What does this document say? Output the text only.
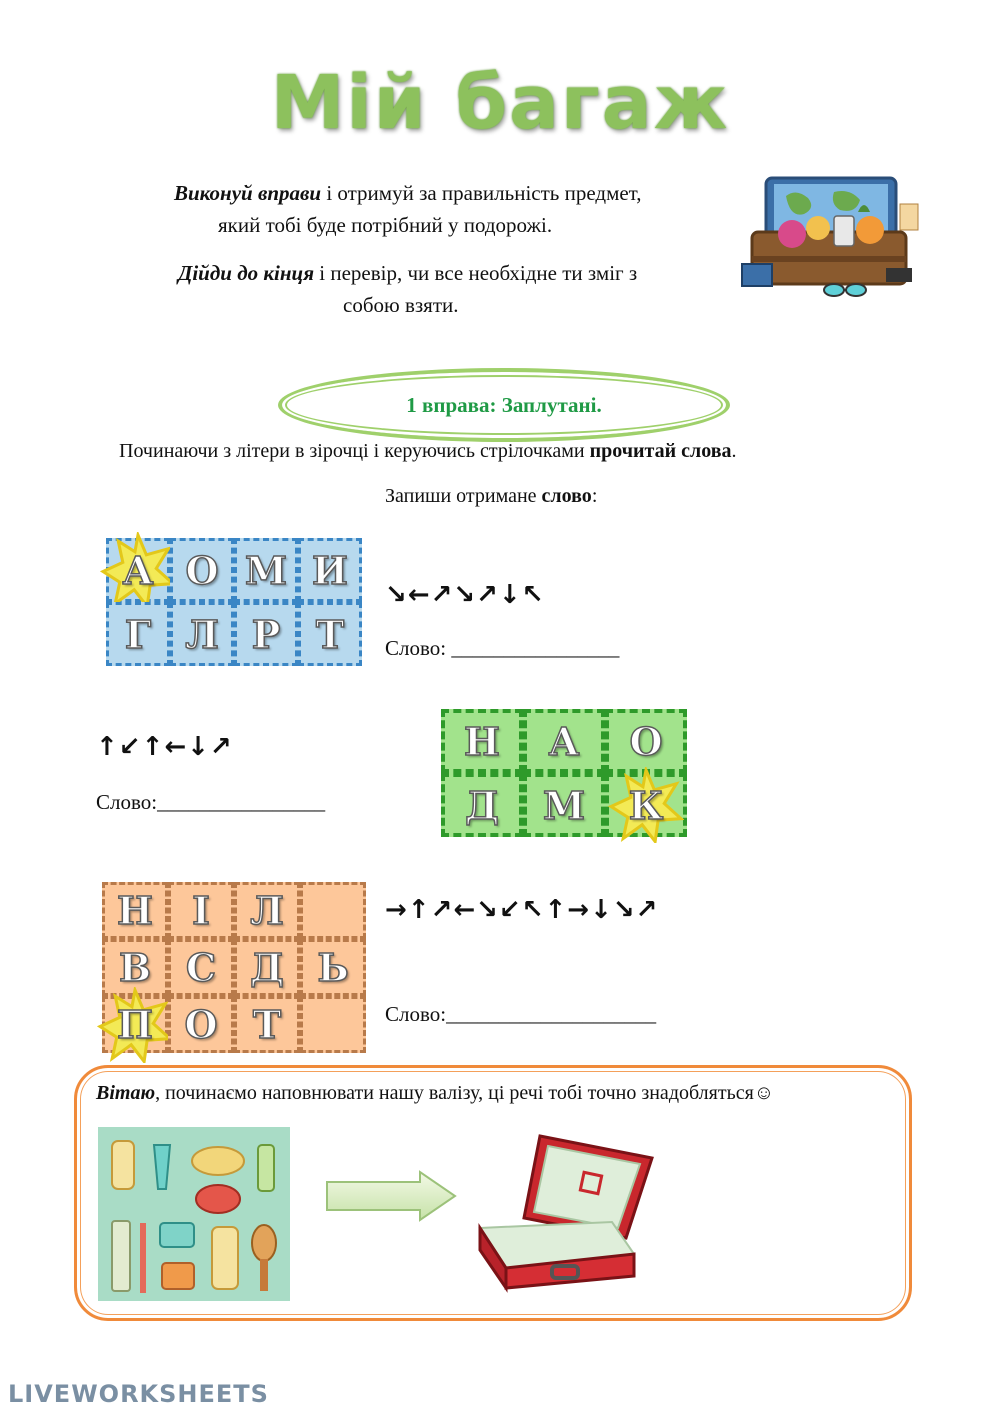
Мій багаж
Виконуй вправи і отримуй за правильність предмет,
який тобі буде потрібний у подорожі.
Дійди до кінця і перевір, чи все необхідне ти зміг з
собою взяти.
1 вправа: Заплутані.
Починаючи з літери в зірочці і керуючись стрілочками прочитай слова.
Запиши отримане слово:
А О М И
Г Л Р Т
↘←↗↘↗↓↖
Слово: ________________
↑↙↑←↓↗
Слово:________________
Н	А	О
Д	М	К
Н	І	Л
В С Д Ь
П О Т
→↑↗←↘↙↖↑→↓↘↗
Слово:____________________
Вітаю, починаємо наповнювати нашу валізу, ці речі тобі точно знадобляться☺
LIVEWORKSHEETS
